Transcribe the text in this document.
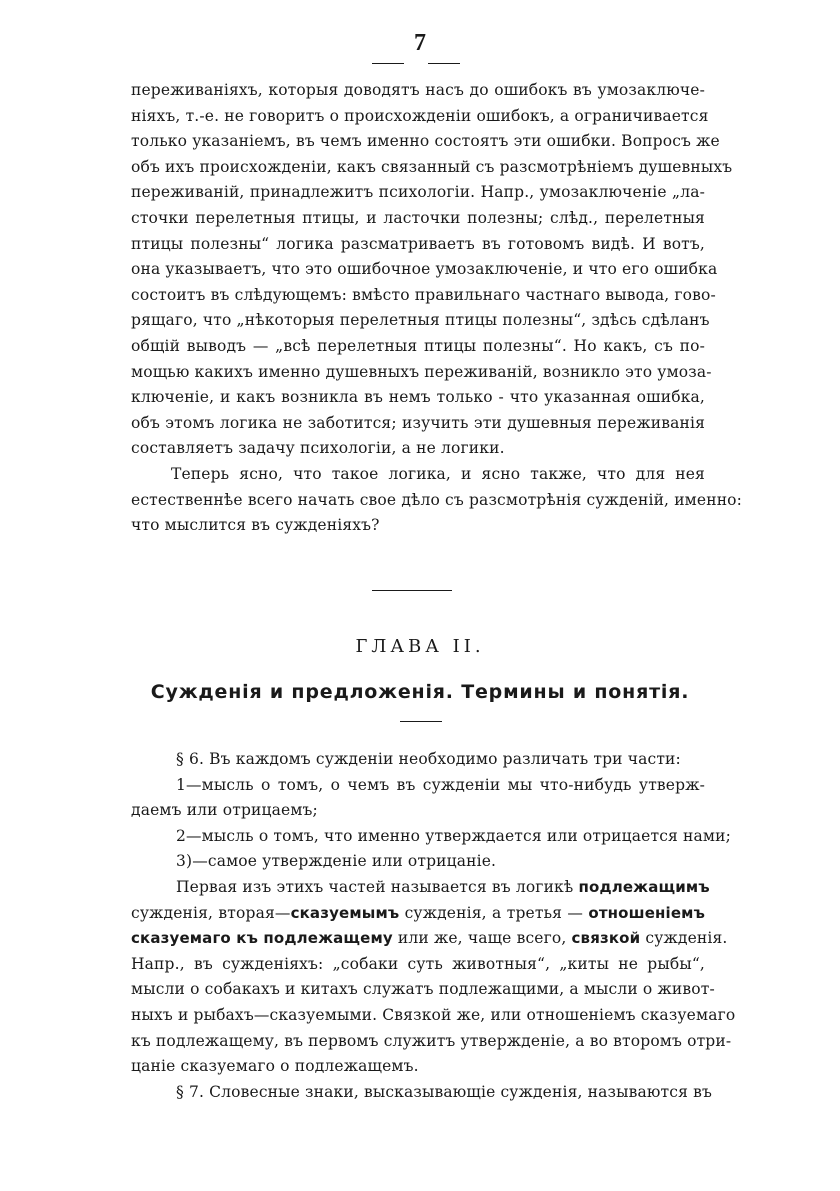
7
переживаніяхъ, которыя доводятъ насъ до ошибокъ въ умозаключе-
ніяхъ, т.-е. не говоритъ о происхожденіи ошибокъ, а ограничивается
только указаніемъ, въ чемъ именно состоятъ эти ошибки. Вопросъ же
объ ихъ происхожденіи, какъ связанный съ разсмотрѣніемъ душевныхъ
переживаній, принадлежитъ психологіи. Напр., умозаключеніе „ла-
сточки перелетныя птицы, и ласточки полезны; слѣд., перелетныя
птицы полезны“ логика разсматриваетъ въ готовомъ видѣ. И вотъ,
она указываетъ, что это ошибочное умозаключеніе, и что его ошибка
состоитъ въ слѣдующемъ: вмѣсто правильнаго частнаго вывода, гово-
рящаго, что „нѣкоторыя перелетныя птицы полезны“, здѣсь сдѣланъ
общій выводъ — „всѣ перелетныя птицы полезны“. Но какъ, съ по-
мощью какихъ именно душевныхъ переживаній, возникло это умоза-
ключеніе, и какъ возникла въ немъ только - что указанная ошибка,
объ этомъ логика не заботится; изучить эти душевныя переживанія
составляетъ задачу психологіи, а не логики.
Теперь ясно, что такое логика, и ясно также, что для нея
естественнѣе всего начать свое дѣло съ разсмотрѣнія сужденій, именно:
что мыслится въ сужденіяхъ?
ГЛАВА II.
Сужденія и предложенія. Термины и понятія.
§ 6. Въ каждомъ сужденіи необходимо различать три части:
1—мысль о томъ, о чемъ въ сужденіи мы что-нибудь утверж-
даемъ или отрицаемъ;
2—мысль о томъ, что именно утверждается или отрицается нами;
3)—самое утвержденіе или отрицаніе.
Первая изъ этихъ частей называется въ логикѣ подлежащимъ
сужденія, вторая—сказуемымъ сужденія, а третья — отношеніемъ
сказуемаго къ подлежащему или же, чаще всего, связкой сужденія.
Напр., въ сужденіяхъ: „собаки суть животныя“, „киты не рыбы“,
мысли о собакахъ и китахъ служатъ подлежащими, а мысли о живот-
ныхъ и рыбахъ—сказуемыми. Связкой же, или отношеніемъ сказуемаго
къ подлежащему, въ первомъ служитъ утвержденіе, а во второмъ отри-
цаніе сказуемаго о подлежащемъ.
§ 7. Словесные знаки, высказывающіе сужденія, называются въ
